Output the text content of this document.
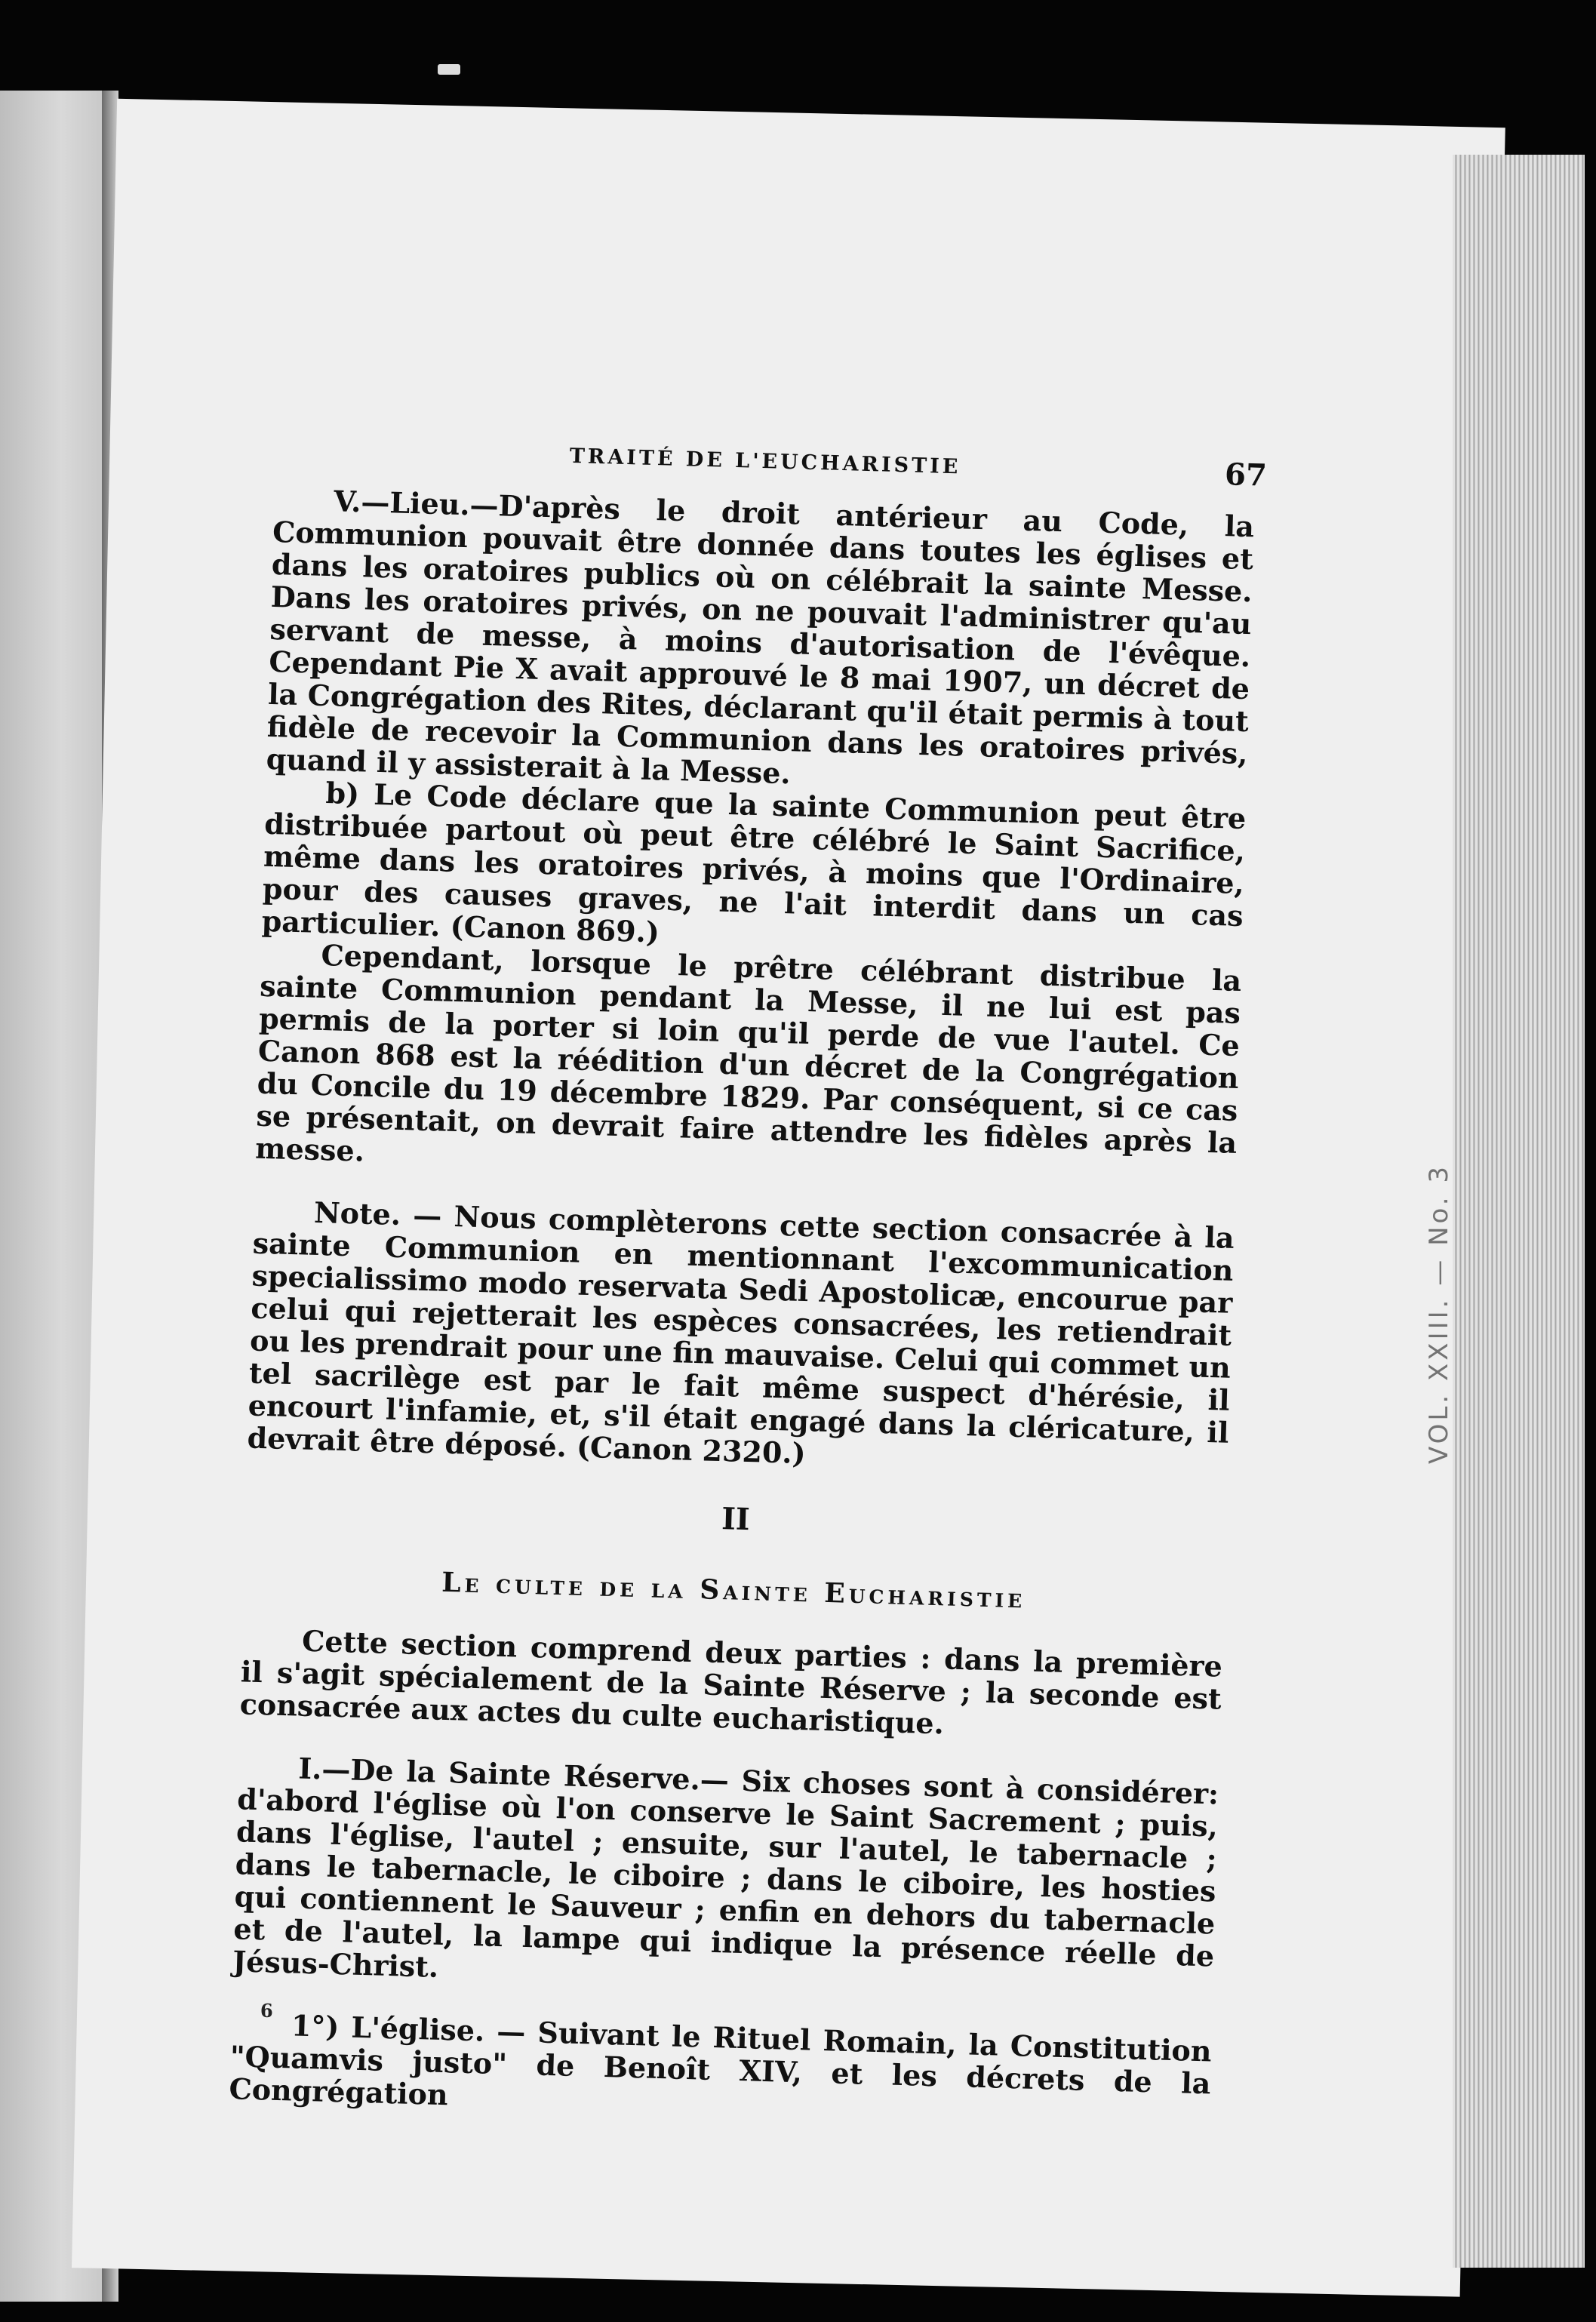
VOL. XXIII. — No. 3
TRAITÉ DE L'EUCHARISTIE	67

V.—Lieu.—D'après le droit antérieur au Code, la Communion pouvait être donnée dans toutes les églises et dans les oratoires publics où on célébrait la sainte Messe. Dans les oratoires privés, on ne pouvait l'administrer qu'au servant de messe, à moins d'autorisation de l'évêque. Cependant Pie X avait approuvé le 8 mai 1907, un décret de la Congrégation des Rites, déclarant qu'il était permis à tout fidèle de recevoir la Communion dans les oratoires privés, quand il y assisterait à la Messe.

b) Le Code déclare que la sainte Communion peut être distribuée partout où peut être célébré le Saint Sacrifice, même dans les oratoires privés, à moins que l'Ordinaire, pour des causes graves, ne l'ait interdit dans un cas particulier. (Canon 869.)

Cependant, lorsque le prêtre célébrant distribue la sainte Communion pendant la Messe, il ne lui est pas permis de la porter si loin qu'il perde de vue l'autel. Ce Canon 868 est la réédition d'un décret de la Congrégation du Concile du 19 décembre 1829. Par conséquent, si ce cas se présentait, on devrait faire attendre les fidèles après la messe.

Note. — Nous complèterons cette section consacrée à la sainte Communion en mentionnant l'excommunication specialissimo modo reservata Sedi Apostolicæ, encourue par celui qui rejetterait les espèces consacrées, les retiendrait ou les prendrait pour une fin mauvaise. Celui qui commet un tel sacrilège est par le fait même suspect d'hérésie, il encourt l'infamie, et, s'il était engagé dans la cléricature, il devrait être déposé. (Canon 2320.)

II
Le culte de la Sainte Eucharistie

Cette section comprend deux parties : dans la première il s'agit spécialement de la Sainte Réserve ; la seconde est consacrée aux actes du culte eucharistique.

I.—De la Sainte Réserve.— Six choses sont à considérer: d'abord l'église où l'on conserve le Saint Sacrement ; puis, dans l'église, l'autel ; ensuite, sur l'autel, le tabernacle ; dans le tabernacle, le ciboire ; dans le ciboire, les hosties qui contiennent le Sauveur ; enfin en dehors du tabernacle et de l'autel, la lampe qui indique la présence réelle de Jésus-Christ.

1°) L'église. — Suivant le Rituel Romain, la Constitution "Quamvis justo" de Benoît XIV, et les décrets de la Congrégation

6
